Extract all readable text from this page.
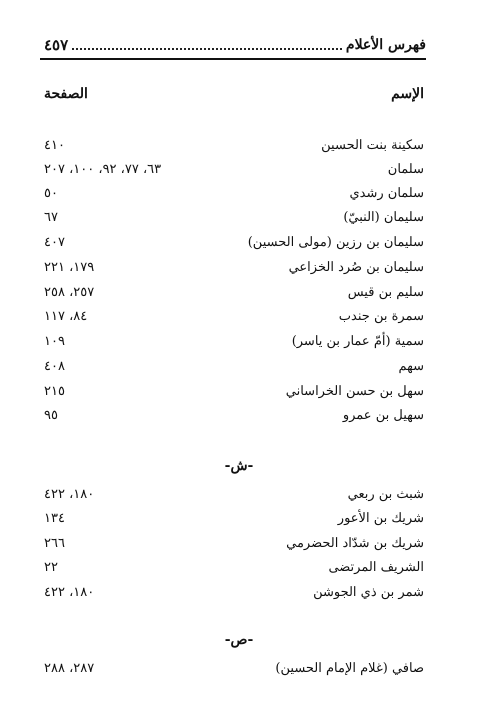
فهرس الأعلام
٤٥٧
الإسم
الصفحة
٤١٠	سكينة بنت الحسين
٦٣، ٧٧، ٩٢، ١٠٠، ٢٠٧	سلمان
٥٠	سلمان رشدي
٦٧	سليمان (النبيّ)
٤٠٧	سليمان بن رزين (مولى الحسين)
١٧٩، ٢٢١	سليمان بن صُرد الخزاعي
٢٥٧، ٢٥٨	سليم بن قيس
٨٤، ١١٧	سمرة بن جندب
١٠٩	سمية (أمّ عمار بن ياسر)
٤٠٨	سهم
٢١٥	سهل بن حسن الخراساني
٩٥	سهيل بن عمرو
-ش-
١٨٠، ٤٢٢	شبث بن ربعي
١٣٤	شريك بن الأعور
٢٦٦	شريك بن شدّاد الحضرمي
٢٢	الشريف المرتضى
١٨٠، ٤٢٢	شمر بن ذي الجوشن
-ص-
٢٨٧، ٢٨٨	صافي (غلام الإمام الحسين)
